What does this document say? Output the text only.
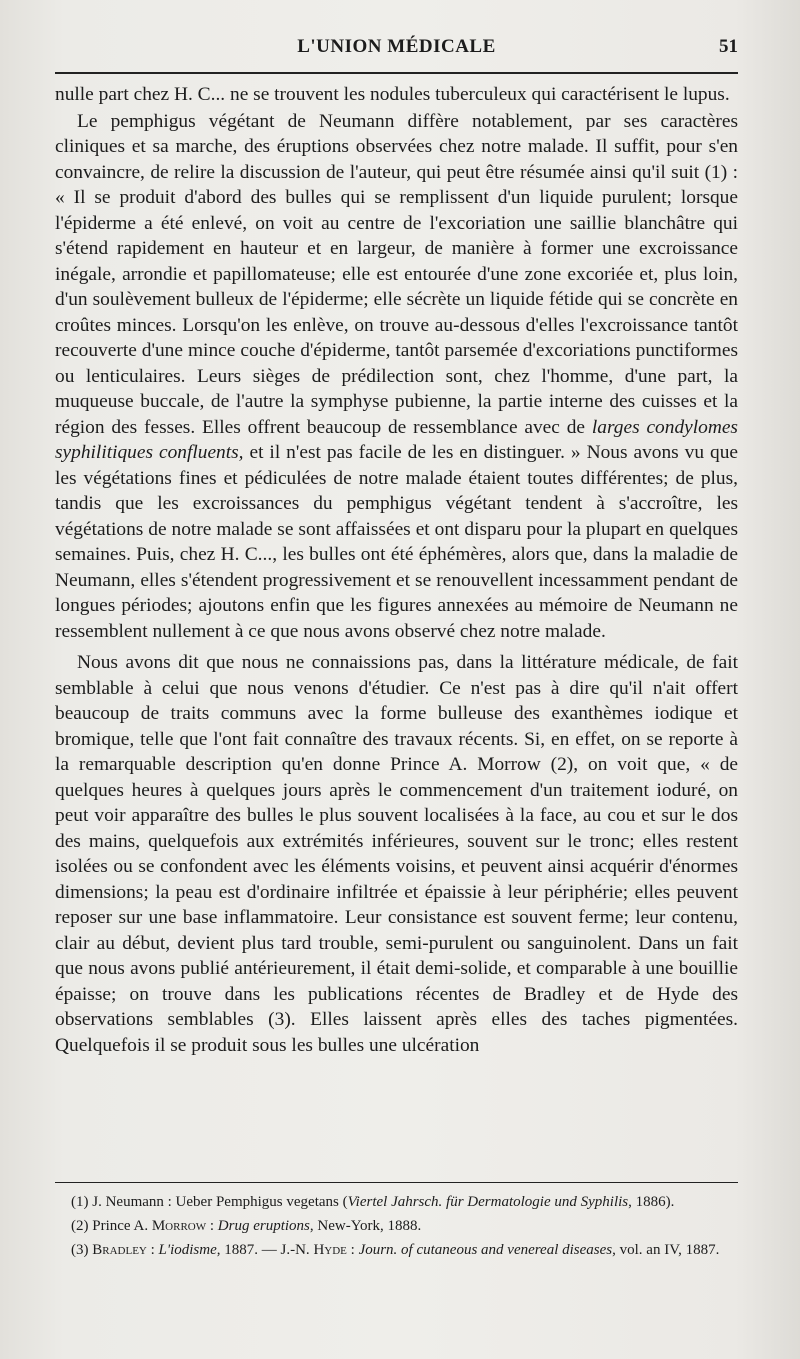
L'UNION MÉDICALE	51

nulle part chez H. C... ne se trouvent les nodules tuberculeux qui caractérisent le lupus.

Le pemphigus végétant de Neumann diffère notablement, par ses caractères cliniques et sa marche, des éruptions observées chez notre malade. Il suffit, pour s'en convaincre, de relire la discussion de l'auteur, qui peut être résumée ainsi qu'il suit (1) : « Il se produit d'abord des bulles qui se remplissent d'un liquide purulent; lorsque l'épiderme a été enlevé, on voit au centre de l'excoriation une saillie blanchâtre qui s'étend rapidement en hauteur et en largeur, de manière à former une excroissance inégale, arrondie et papillomateuse; elle est entourée d'une zone excoriée et, plus loin, d'un soulèvement bulleux de l'épiderme; elle sécrète un liquide fétide qui se concrète en croûtes minces. Lorsqu'on les enlève, on trouve au-dessous d'elles l'excroissance tantôt recouverte d'une mince couche d'épiderme, tantôt parsemée d'excoriations punctiformes ou lenticulaires. Leurs sièges de prédilection sont, chez l'homme, d'une part, la muqueuse buccale, de l'autre la symphyse pubienne, la partie interne des cuisses et la région des fesses. Elles offrent beaucoup de ressemblance avec de larges condylomes syphilitiques confluents, et il n'est pas facile de les en distinguer. » Nous avons vu que les végétations fines et pédiculées de notre malade étaient toutes différentes; de plus, tandis que les excroissances du pemphigus végétant tendent à s'accroître, les végétations de notre malade se sont affaissées et ont disparu pour la plupart en quelques semaines. Puis, chez H. C..., les bulles ont été éphémères, alors que, dans la maladie de Neumann, elles s'étendent progressivement et se renouvellent incessamment pendant de longues périodes; ajoutons enfin que les figures annexées au mémoire de Neumann ne ressemblent nullement à ce que nous avons observé chez notre malade.

Nous avons dit que nous ne connaissions pas, dans la littérature médicale, de fait semblable à celui que nous venons d'étudier. Ce n'est pas à dire qu'il n'ait offert beaucoup de traits communs avec la forme bulleuse des exanthèmes iodique et bromique, telle que l'ont fait connaître des travaux récents. Si, en effet, on se reporte à la remarquable description qu'en donne Prince A. Morrow (2), on voit que, « de quelques heures à quelques jours après le commencement d'un traitement ioduré, on peut voir apparaître des bulles le plus souvent localisées à la face, au cou et sur le dos des mains, quelquefois aux extrémités inférieures, souvent sur le tronc; elles restent isolées ou se confondent avec les éléments voisins, et peuvent ainsi acquérir d'énormes dimensions; la peau est d'ordinaire infiltrée et épaissie à leur périphérie; elles peuvent reposer sur une base inflammatoire. Leur consistance est souvent ferme; leur contenu, clair au début, devient plus tard trouble, semi-purulent ou sanguinolent. Dans un fait que nous avons publié antérieurement, il était demi-solide, et comparable à une bouillie épaisse; on trouve dans les publications récentes de Bradley et de Hyde des observations semblables (3). Elles laissent après elles des taches pigmentées. Quelquefois il se produit sous les bulles une ulcération

(1) J. Neumann : Ueber Pemphigus vegetans (Viertel Jahrsch. für Dermatologie und Syphilis, 1886).

(2) Prince A. Morrow : Drug eruptions, New-York, 1888.

(3) Bradley : L'iodisme, 1887. — J.-N. Hyde : Journ. of cutaneous and venereal diseases, vol. an IV, 1887.
